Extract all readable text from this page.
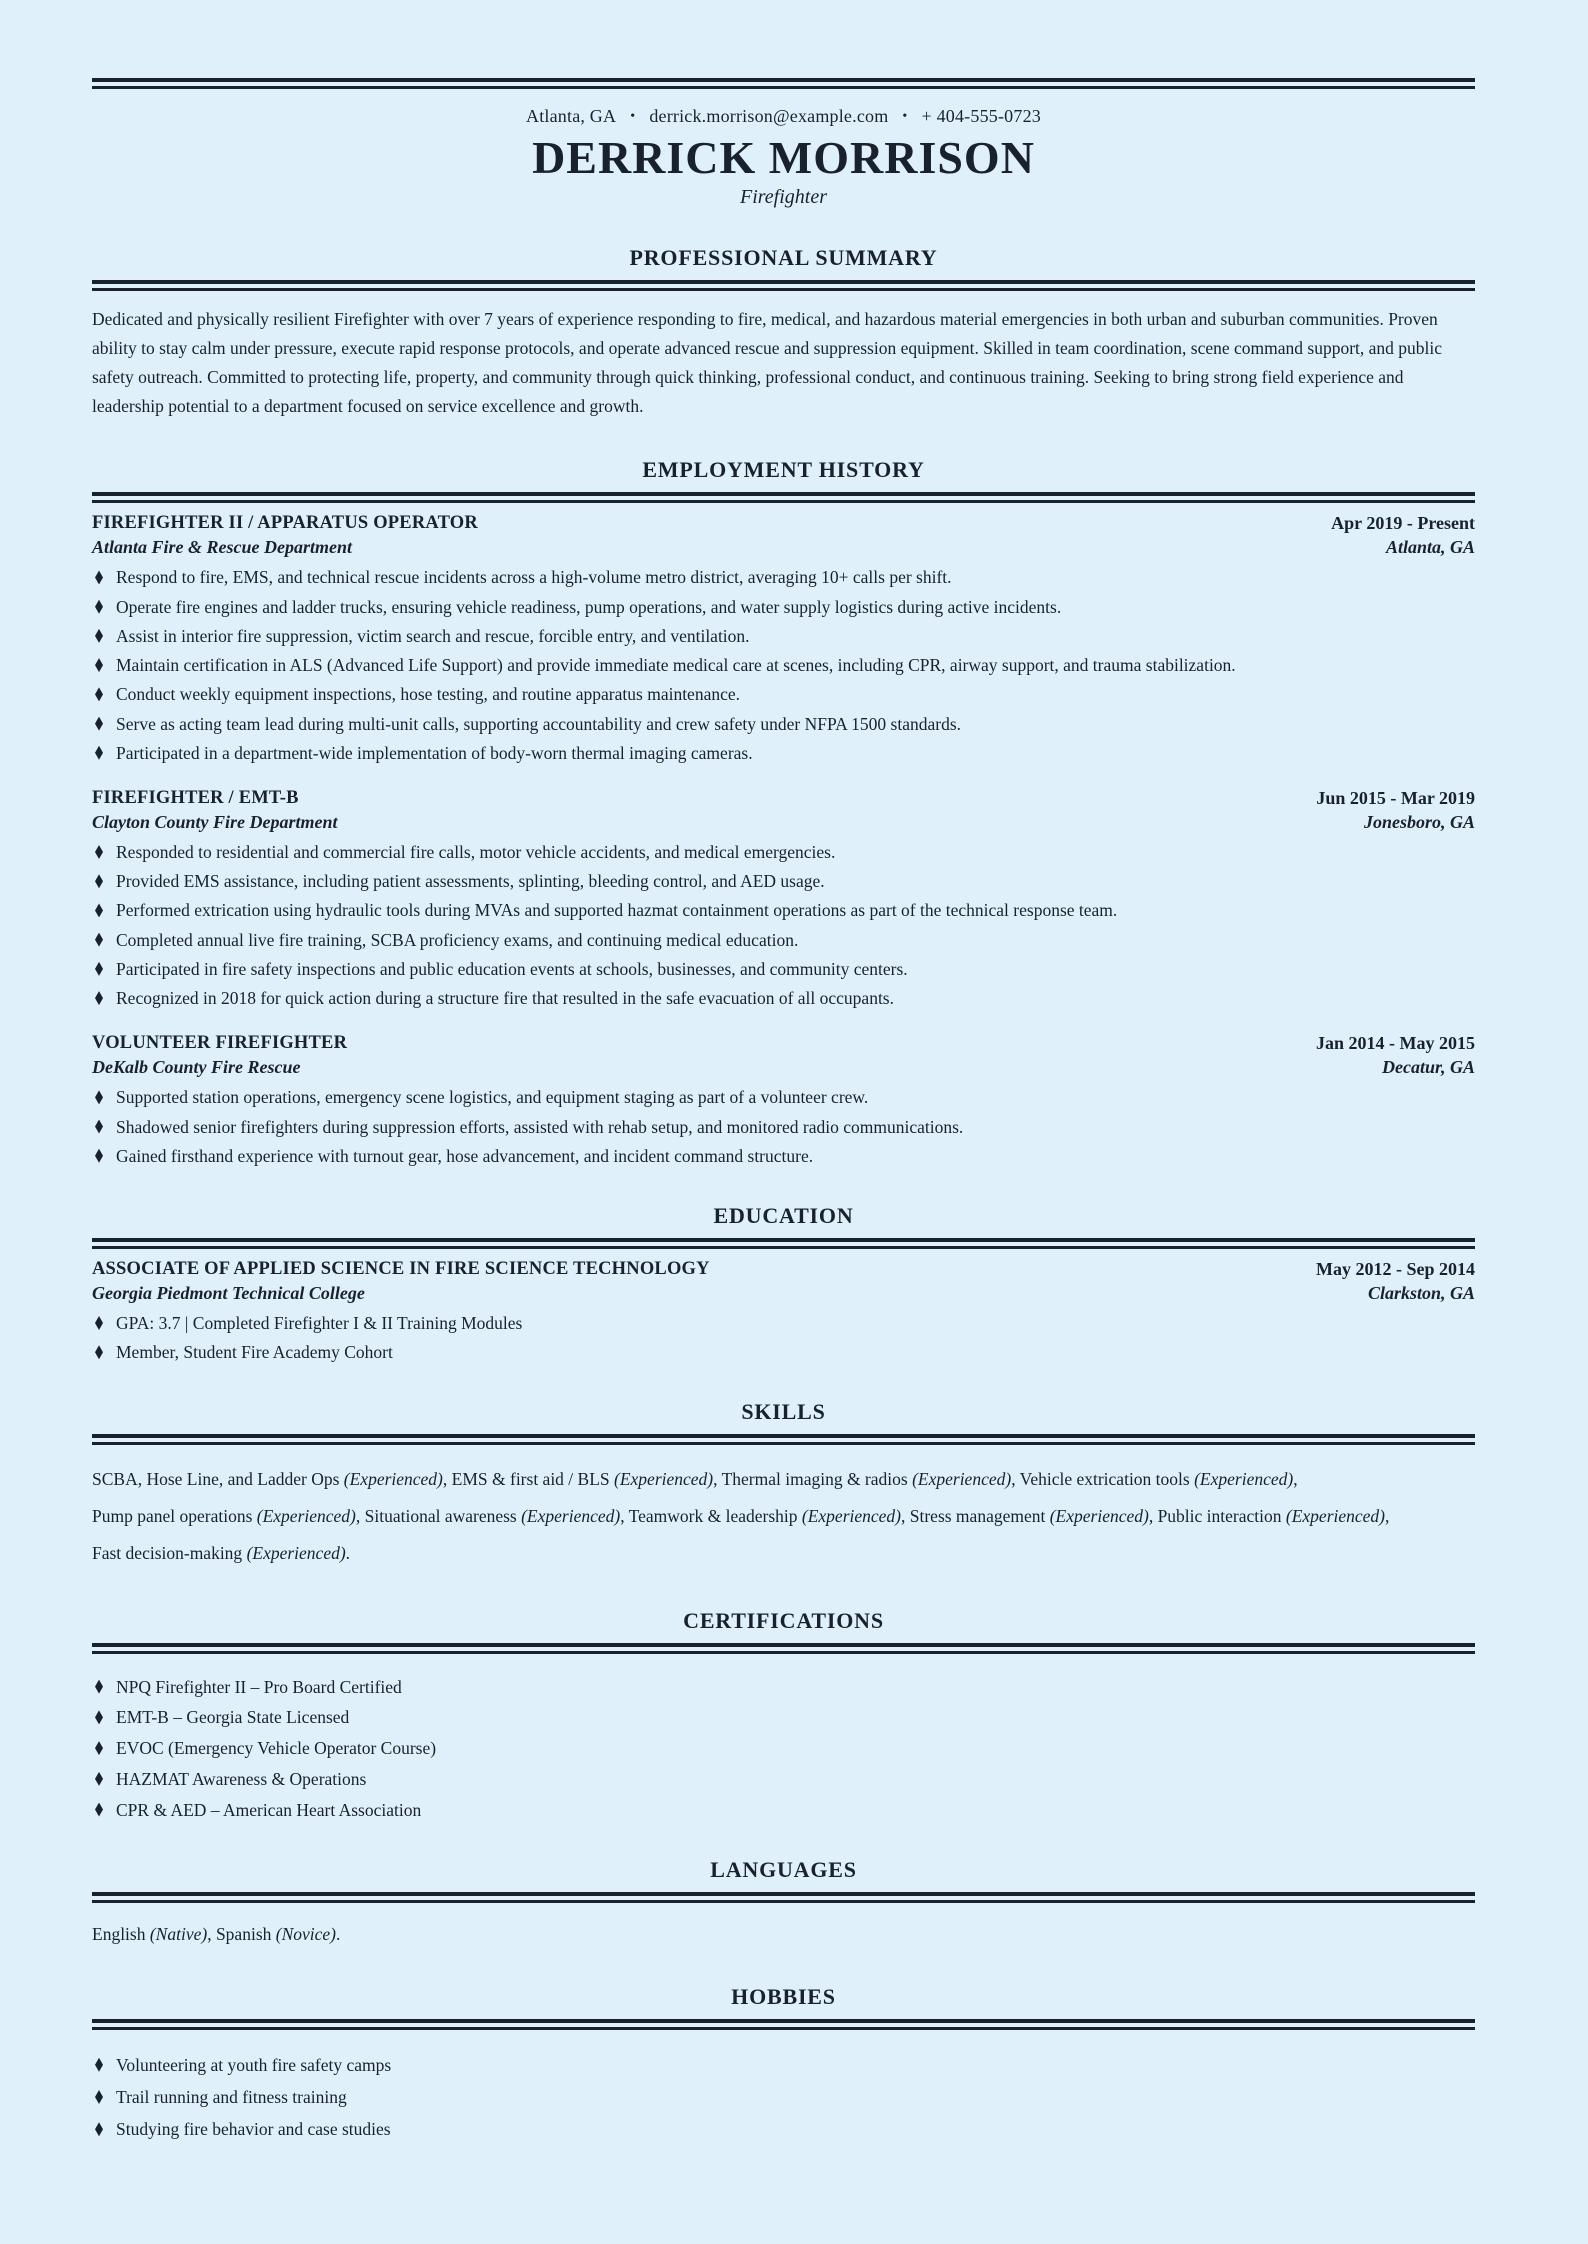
Atlanta, GA • derrick.morrison@example.com • + 404-555-0723
DERRICK MORRISON
Firefighter
PROFESSIONAL SUMMARY
Dedicated and physically resilient Firefighter with over 7 years of experience responding to fire, medical, and hazardous material emergencies in both urban and suburban communities. Proven ability to stay calm under pressure, execute rapid response protocols, and operate advanced rescue and suppression equipment. Skilled in team coordination, scene command support, and public safety outreach. Committed to protecting life, property, and community through quick thinking, professional conduct, and continuous training. Seeking to bring strong field experience and leadership potential to a department focused on service excellence and growth.
EMPLOYMENT HISTORY
FIREFIGHTER II / APPARATUS OPERATOR
Atlanta Fire & Rescue Department
Apr 2019 - Present
Atlanta, GA
Respond to fire, EMS, and technical rescue incidents across a high-volume metro district, averaging 10+ calls per shift.
Operate fire engines and ladder trucks, ensuring vehicle readiness, pump operations, and water supply logistics during active incidents.
Assist in interior fire suppression, victim search and rescue, forcible entry, and ventilation.
Maintain certification in ALS (Advanced Life Support) and provide immediate medical care at scenes, including CPR, airway support, and trauma stabilization.
Conduct weekly equipment inspections, hose testing, and routine apparatus maintenance.
Serve as acting team lead during multi-unit calls, supporting accountability and crew safety under NFPA 1500 standards.
Participated in a department-wide implementation of body-worn thermal imaging cameras.
FIREFIGHTER / EMT-B
Clayton County Fire Department
Jun 2015 - Mar 2019
Jonesboro, GA
Responded to residential and commercial fire calls, motor vehicle accidents, and medical emergencies.
Provided EMS assistance, including patient assessments, splinting, bleeding control, and AED usage.
Performed extrication using hydraulic tools during MVAs and supported hazmat containment operations as part of the technical response team.
Completed annual live fire training, SCBA proficiency exams, and continuing medical education.
Participated in fire safety inspections and public education events at schools, businesses, and community centers.
Recognized in 2018 for quick action during a structure fire that resulted in the safe evacuation of all occupants.
VOLUNTEER FIREFIGHTER
DeKalb County Fire Rescue
Jan 2014 - May 2015
Decatur, GA
Supported station operations, emergency scene logistics, and equipment staging as part of a volunteer crew.
Shadowed senior firefighters during suppression efforts, assisted with rehab setup, and monitored radio communications.
Gained firsthand experience with turnout gear, hose advancement, and incident command structure.
EDUCATION
ASSOCIATE OF APPLIED SCIENCE IN FIRE SCIENCE TECHNOLOGY
Georgia Piedmont Technical College
May 2012 - Sep 2014
Clarkston, GA
GPA: 3.7 | Completed Firefighter I & II Training Modules
Member, Student Fire Academy Cohort
SKILLS
SCBA, Hose Line, and Ladder Ops (Experienced), EMS & first aid / BLS (Experienced), Thermal imaging & radios (Experienced), Vehicle extrication tools (Experienced), Pump panel operations (Experienced), Situational awareness (Experienced), Teamwork & leadership (Experienced), Stress management (Experienced), Public interaction (Experienced), Fast decision-making (Experienced).
CERTIFICATIONS
NPQ Firefighter II – Pro Board Certified
EMT-B – Georgia State Licensed
EVOC (Emergency Vehicle Operator Course)
HAZMAT Awareness & Operations
CPR & AED – American Heart Association
LANGUAGES
English (Native), Spanish (Novice).
HOBBIES
Volunteering at youth fire safety camps
Trail running and fitness training
Studying fire behavior and case studies
